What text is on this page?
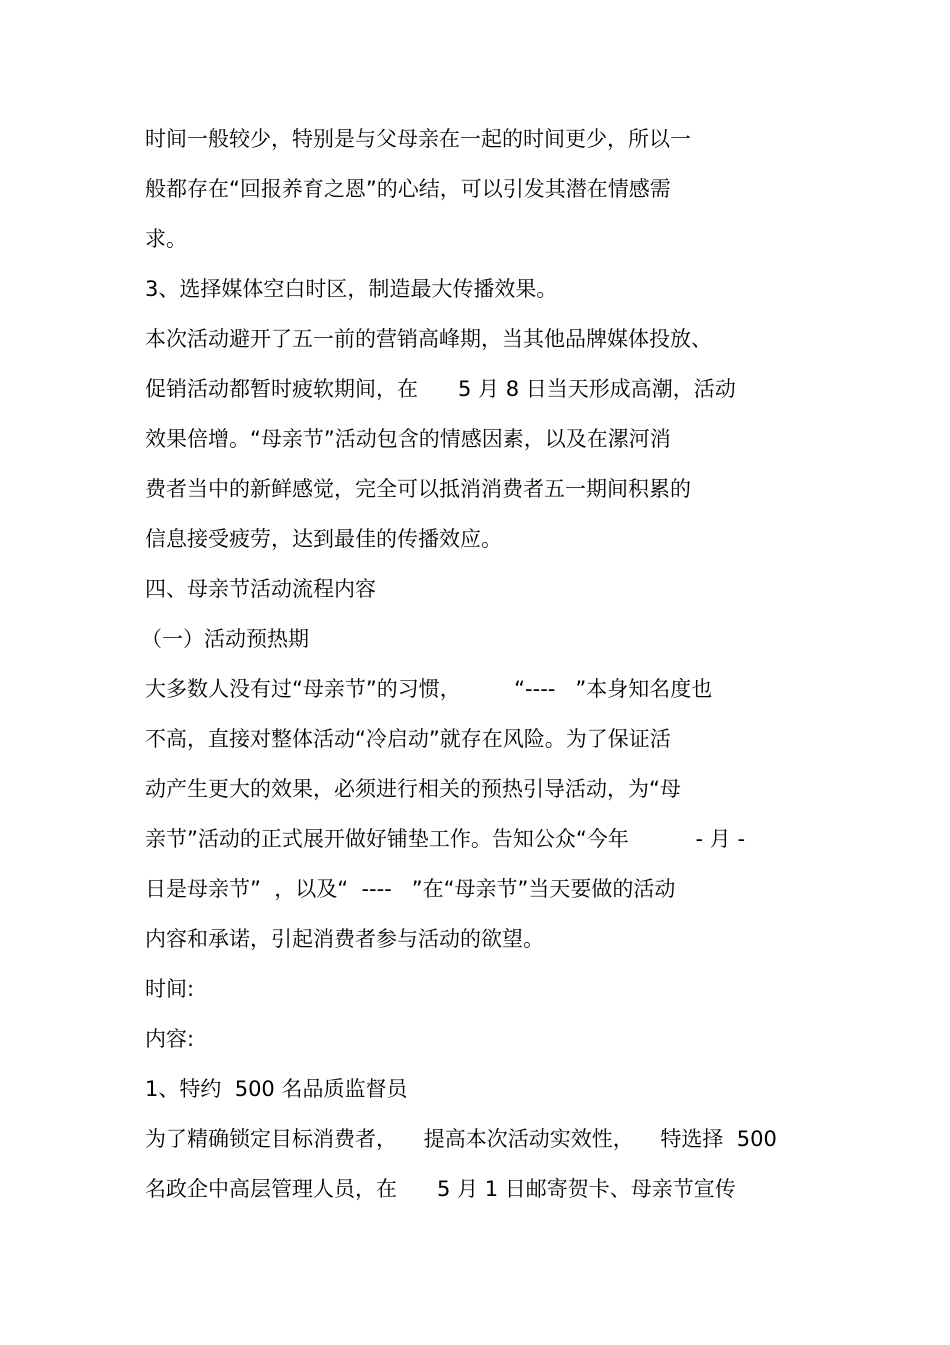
时间一般较少，特别是与父母亲在一起的时间更少，所以一
般都存在“回报养育之恩”的心结，可以引发其潜在情感需
求。
3、选择媒体空白时区，制造最大传播效果。
本次活动避开了五一前的营销高峰期，当其他品牌媒体投放、
促销活动都暂时疲软期间，在      5 月 8 日当天形成高潮，活动
效果倍增。“母亲节”活动包含的情感因素，以及在漯河消
费者当中的新鲜感觉，完全可以抵消消费者五一期间积累的
信息接受疲劳，达到最佳的传播效应。
四、母亲节活动流程内容
（一）活动预热期
大多数人没有过“母亲节”的习惯，        “----   ”本身知名度也
不高，直接对整体活动“冷启动”就存在风险。为了保证活
动产生更大的效果，必须进行相关的预热引导活动，为“母
亲节”活动的正式展开做好铺垫工作。告知公众“今年          - 月 -
日是母亲节”  ，以及“  ----   ”在“母亲节”当天要做的活动
内容和承诺，引起消费者参与活动的欲望。
时间:
内容:
1、特约  500 名品质监督员
为了精确锁定目标消费者，    提高本次活动实效性，    特选择  500
名政企中高层管理人员，在      5 月 1 日邮寄贺卡、母亲节宣传
